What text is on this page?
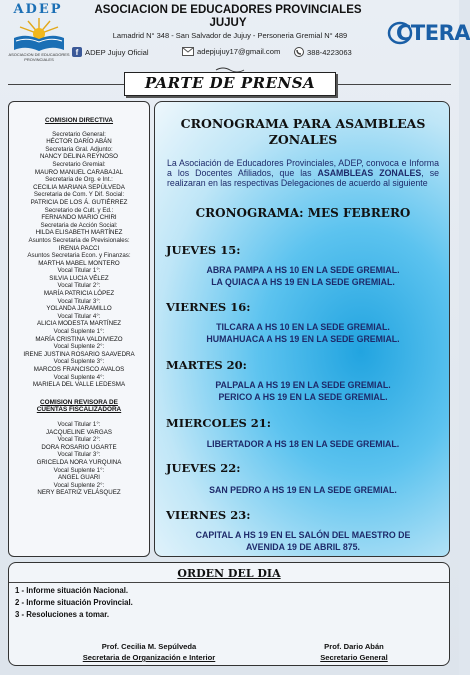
ADEP
ASOCIACION DE EDUCADORES PROVINCIALES
ASOCIACION DE EDUCADORES PROVINCIALES
JUJUY
Lamadrid N° 348 - San Salvador de Jujuy - Personeria Gremial N° 489
f ADEP Jujuy Oficial	adepjujuy17@gmail.com	388-4223063
CTERA
PARTE DE PRENSA
COMISION DIRECTIVA
Secretario General:
HÉCTOR DARÍO ABÁN
Secretaria Gral. Adjunto:
NANCY DELINA REYNOSO
Secretario Gremial:
MAURO MANUEL CARABAJAL
Secretaria de Org. e Int.:
CECILIA MARIANA SEPÚLVEDA
Secretaria de Com. Y Dif. Social:
PATRICIA DE LOS Á. GUTIÉRREZ
Secretario de Cult. y Ed.:
FERNANDO MARIO CHIRI
Secretaria de Acción Social:
HILDA ELISABETH MARTÍNEZ
Asuntos Secretaria de Previsionales:
IRENIA PACCI
Asuntos Secretaria Econ. y Finanzas:
MARTHA MABEL MONTERO
Vocal Titular 1°:
SILVIA LUCIA VÉLEZ
Vocal Titular 2°:
MARÍA PATRICIA LÓPEZ
Vocal Titular 3°:
YOLANDA JARAMILLO
Vocal Titular 4°:
ALICIA MODESTA MARTÍNEZ
Vocal Suplente 1°:
MARÍA CRISTINA VALDIVIEZO
Vocal Suplente 2°:
IRENE JUSTINA ROSARIO SAAVEDRA
Vocal Suplente 3°:
MARCOS FRANCISCO AVALOS
Vocal Suplente 4°:
MARIELA DEL VALLE LEDESMA
COMISION REVISORA DE
CUENTAS FISCALIZADORA
Vocal Titular 1°:
JACQUELINE VARGAS
Vocal Titular 2°:
DORA ROSARIO UGARTE
Vocal Titular 3°:
GRICELDA NORA YURQUINA
Vocal Suplente 1°:
ANGEL GUARI
Vocal Suplente 2°:
NERY BEATRIZ VELÁSQUEZ
CRONOGRAMA PARA ASAMBLEAS
ZONALES
La Asociación de Educadores Provinciales, ADEP, convoca e Informa a los Docentes Afiliados, que las ASAMBLEAS ZONALES, se realizaran en las respectivas Delegaciones de acuerdo al siguiente
CRONOGRAMA: MES FEBRERO
JUEVES 15:
ABRA PAMPA A HS 10 EN LA SEDE GREMIAL.
LA QUIACA A HS 19 EN LA SEDE GREMIAL.
VIERNES 16:
TILCARA A HS 10 EN LA SEDE GREMIAL.
HUMAHUACA A HS 19 EN LA SEDE GREMIAL.
MARTES 20:
PALPALA A HS 19 EN LA SEDE GREMIAL.
PERICO A HS 19 EN LA SEDE GREMIAL.
MIERCOLES 21:
LIBERTADOR A HS 18 EN LA SEDE GREMIAL.
JUEVES 22:
SAN PEDRO A HS 19 EN LA SEDE GREMIAL.
VIERNES 23:
CAPITAL A HS 19 EN EL SALÓN DEL MAESTRO DE
AVENIDA 19 DE ABRIL 875.
ORDEN DEL DIA
1 - Informe situación Nacional.
2 - Informe situación Provincial.
3 - Resoluciones a tomar.
Prof. Cecilia M. Sepúlveda
Secretaria de Organización e Interior
Prof. Dario Abán
Secretario General
